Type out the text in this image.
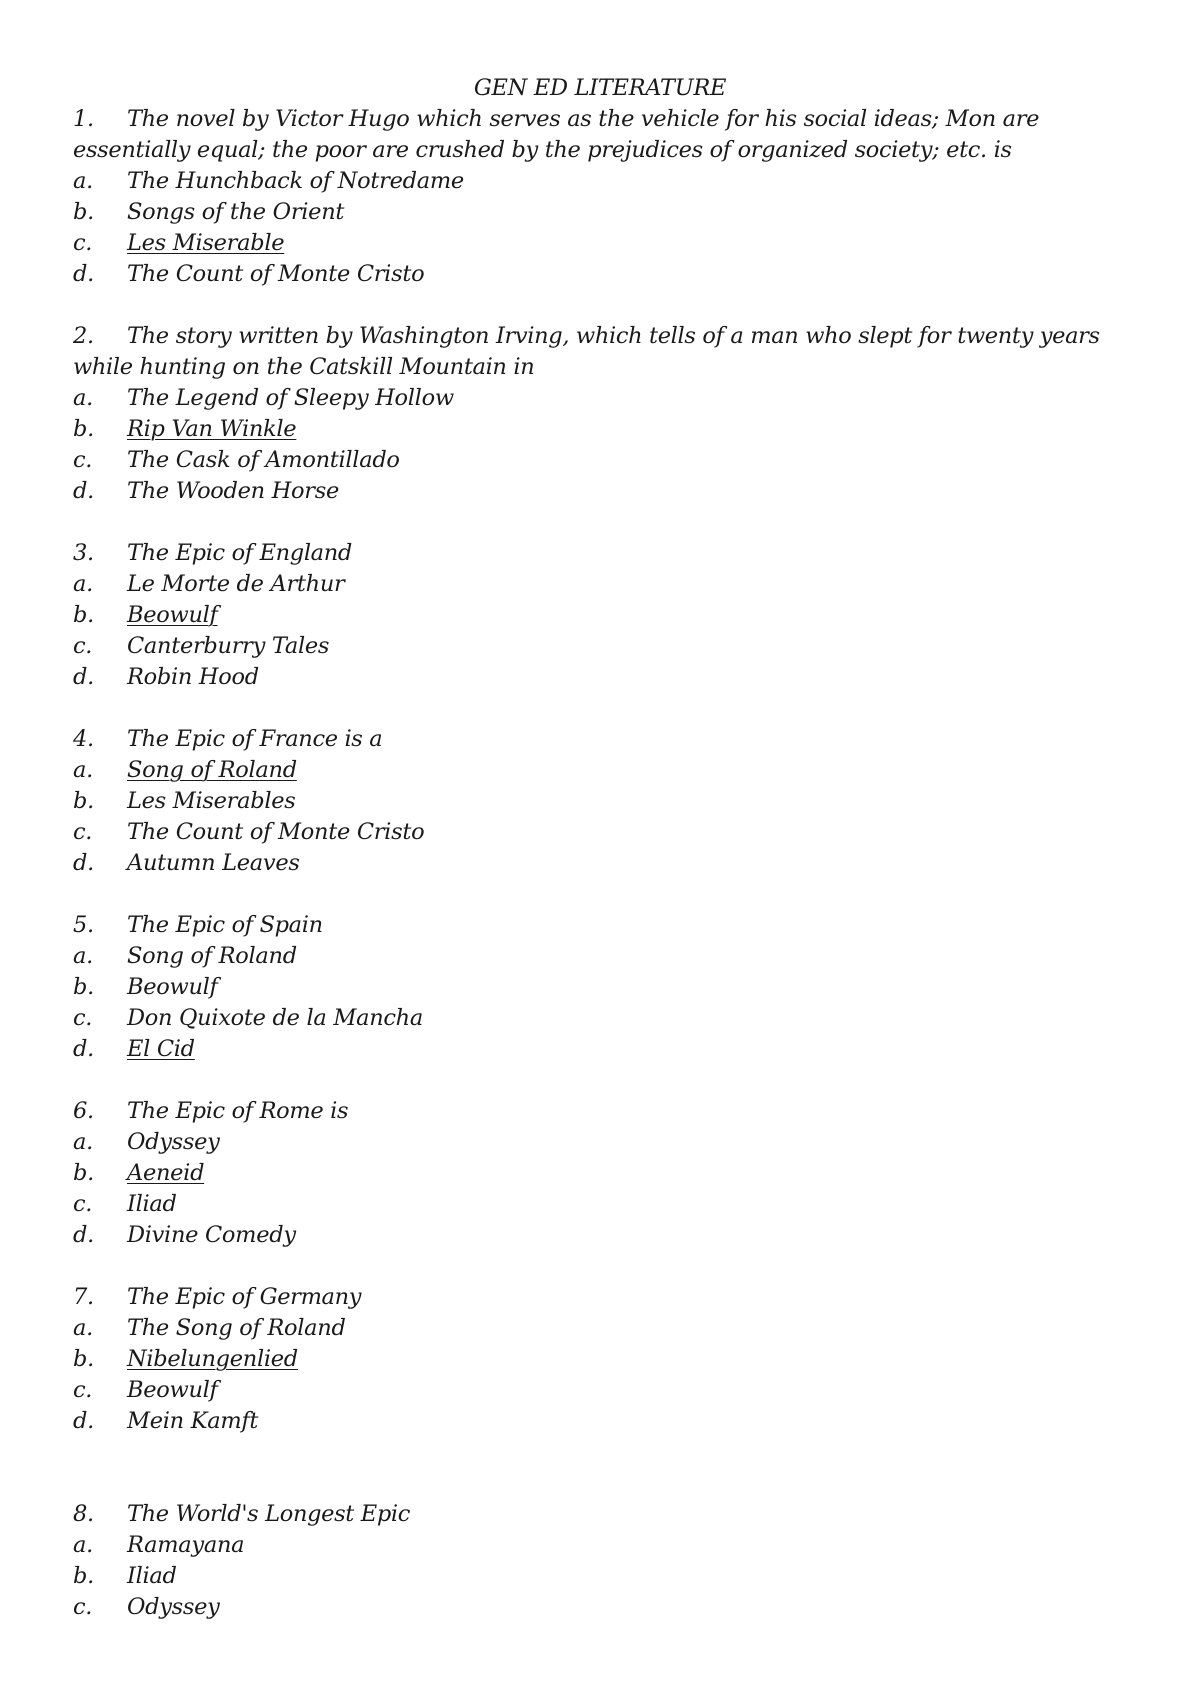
GEN ED LITERATURE
1. The novel by Victor Hugo which serves as the vehicle for his social ideas; Mon are essentially equal; the poor are crushed by the prejudices of organized society; etc. is
a.	The Hunchback of Notredame
b.	Songs of the Orient
c.	Les Miserable
d.	The Count of Monte Cristo
2. The story written by Washington Irving, which tells of a man who slept for twenty years while hunting on the Catskill Mountain in
a.	The Legend of Sleepy Hollow
b.	Rip Van Winkle
c.	The Cask of Amontillado
d.	The Wooden Horse
3. The Epic of England
a.	Le Morte de Arthur
b.	Beowulf
c.	Canterburry Tales
d.	Robin Hood
4. The Epic of France is a
a.	Song of Roland
b.	Les Miserables
c.	The Count of Monte Cristo
d.	Autumn Leaves
5. The Epic of Spain
a.	Song of Roland
b.	Beowulf
c.	Don Quixote de la Mancha
d.	El Cid
6. The Epic of Rome is
a.	Odyssey
b.	Aeneid
c.	Iliad
d.	Divine Comedy
7. The Epic of Germany
a.	The Song of Roland
b.	Nibelungenlied
c.	Beowulf
d.	Mein Kamft
8. The World's Longest Epic
a.	Ramayana
b.	Iliad
c.	Odyssey
